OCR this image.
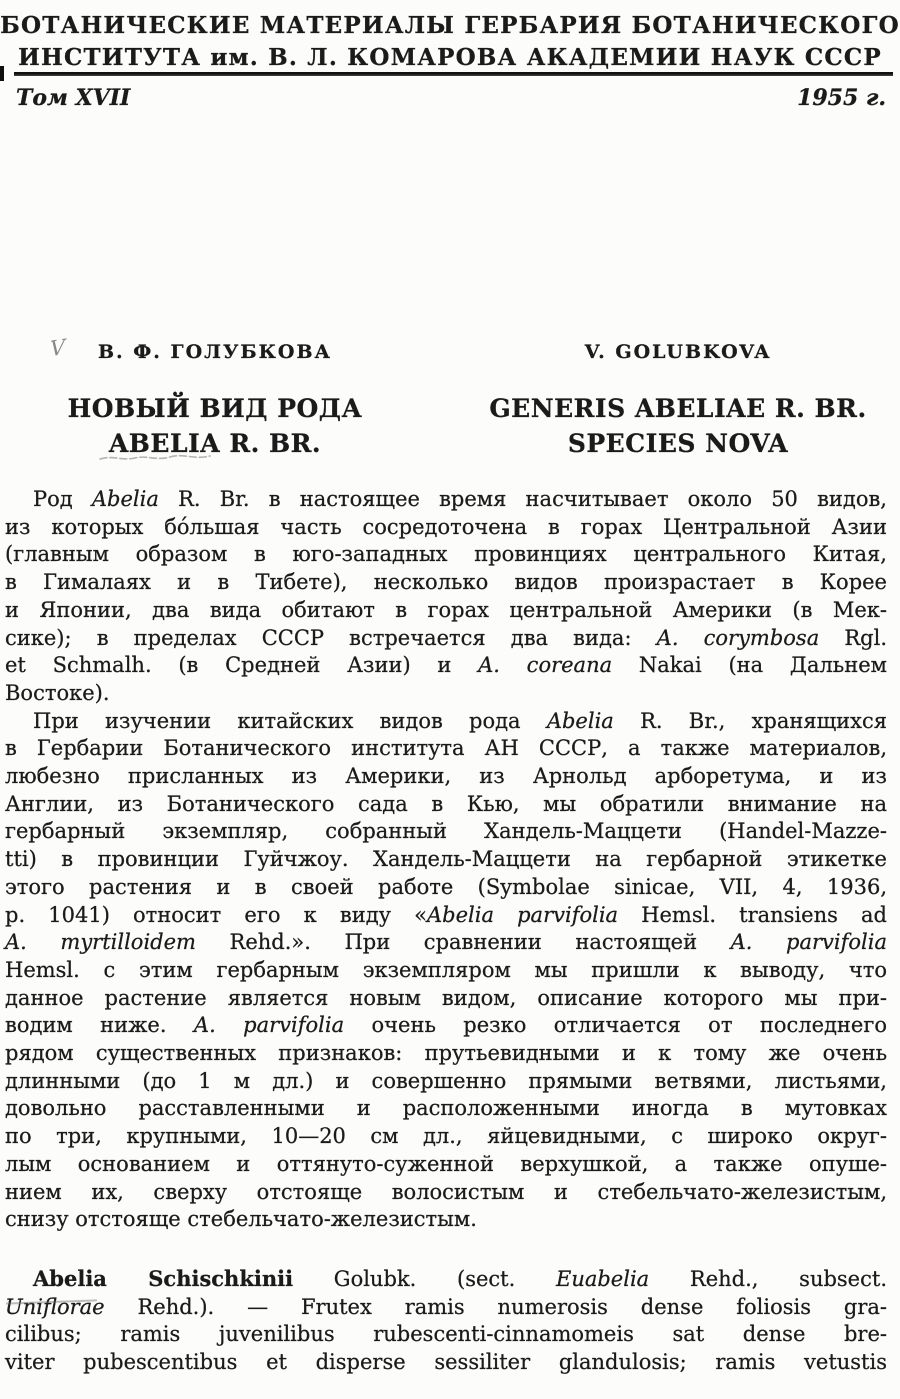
БОТАНИЧЕСКИЕ МАТЕРИАЛЫ ГЕРБАРИЯ БОТАНИЧЕСКОГО
ИНСТИТУТА им. В. Л. КОМАРОВА АКАДЕМИИ НАУК СССР
Том XVII	1955 г.
V	В. Ф. ГОЛУБКОВА
НОВЫЙ ВИД РОДА
ABELIA R. BR.
V. GOLUBKOVA
GENERIS ABELIAE R. BR.
SPECIES NOVA
Род Abelia R. Br. в настоящее время насчитывает около 50 видов,
из которых бо́льшая часть сосредоточена в горах Центральной Азии
(главным образом в юго-западных провинциях центрального Китая,
в Гималаях и в Тибете), несколько видов произрастает в Корее
и Японии, два вида обитают в горах центральной Америки (в Мек-
сике); в пределах СССР встречается два вида: A. corymbosa Rgl.
et Schmalh. (в Средней Азии) и A. coreana Nakai (на Дальнем
Востоке).
При изучении китайских видов рода Abelia R. Br., хранящихся
в Гербарии Ботанического института АН СССР, а также материалов,
любезно присланных из Америки, из Арнольд арборетума, и из
Англии, из Ботанического сада в Кью, мы обратили внимание на
гербарный экземпляр, собранный Хандель-Маццети (Handel-Mazze-
tti) в провинции Гуйчжоу. Хандель-Маццети на гербарной этикетке
этого растения и в своей работе (Symbolae sinicae, VII, 4, 1936,
p. 1041) относит его к виду «Abelia parvifolia Hemsl. transiens ad
A. myrtilloidem Rehd.». При сравнении настоящей A. parvifolia
Hemsl. с этим гербарным экземпляром мы пришли к выводу, что
данное растение является новым видом, описание которого мы при-
водим ниже. A. parvifolia очень резко отличается от последнего
рядом существенных признаков: прутьевидными и к тому же очень
длинными (до 1 м дл.) и совершенно прямыми ветвями, листьями,
довольно расставленными и расположенными иногда в мутовках
по три, крупными, 10—20 см дл., яйцевидными, с широко округ-
лым основанием и оттянуто-суженной верхушкой, а также опуше-
нием их, сверху отстояще волосистым и стебельчато-железистым,
снизу отстояще стебельчато-железистым.
Abelia Schischkinii Golubk. (sect. Euabelia Rehd., subsect.
Uniflorae Rehd.). — Frutex ramis numerosis dense foliosis gra-
cilibus; ramis juvenilibus rubescenti-cinnamomeis sat dense bre-
viter pubescentibus et disperse sessiliter glandulosis; ramis vetustis
